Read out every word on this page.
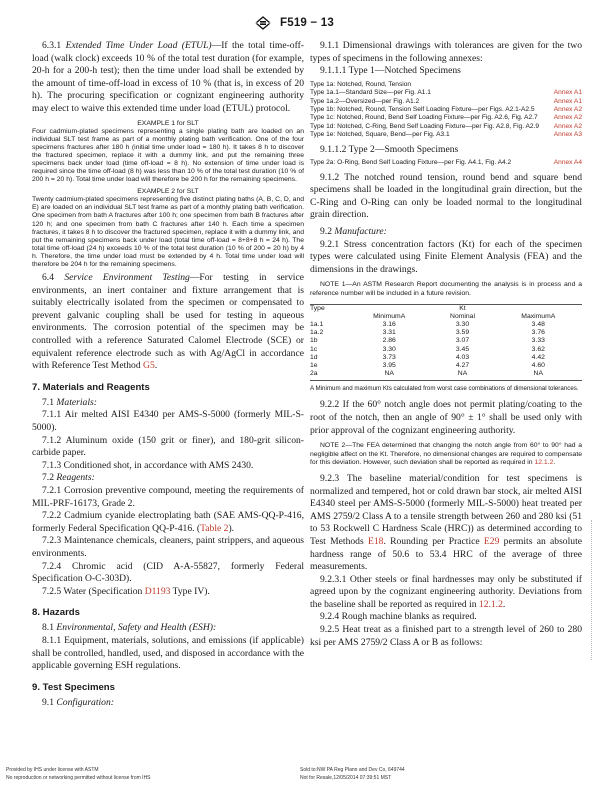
F519 − 13

6.3.1 Extended Time Under Load (ETUL)—If the total time-off-load (walk clock) exceeds 10 % of the total test duration (for example, 20-h for a 200-h test); then the time under load shall be extended by the amount of time-off-load in excess of 10 % (that is, in excess of 20 h). The procuring specification or cognizant engineering authority may elect to waive this extended time under load (ETUL) protocol.

EXAMPLE 1 for SLT

Four cadmium-plated specimens representing a single plating bath are loaded on an individual SLT test frame as part of a monthly plating bath verification. One of the four specimens fractures after 180 h (initial time under load = 180 h). It takes 8 h to discover the fractured specimen, replace it with a dummy link, and put the remaining three specimens back under load (time off-load = 8 h). No extension of time under load is required since the time off-load (8 h) was less than 10 % of the total test duration (10 % of 200 h = 20 h). Total time under load will therefore be 200 h for the remaining specimens.

EXAMPLE 2 for SLT

Twenty cadmium-plated specimens representing five distinct plating baths (A, B, C, D, and E) are loaded on an individual SLT test frame as part of a monthly plating bath verification. One specimen from bath A fractures after 100 h; one specimen from bath B fractures after 120 h; and one specimen from bath C fractures after 140 h. Each time a specimen fractures, it takes 8 h to discover the fractured specimen, replace it with a dummy link, and put the remaining specimens back under load (total time off-load = 8+8+8 h = 24 h). The total time off-load (24 h) exceeds 10 % of the total test duration (10 % of 200 = 20 h) by 4 h. Therefore, the time under load must be extended by 4 h. Total time under load will therefore be 204 h for the remaining specimens.

6.4 Service Environment Testing—For testing in service environments, an inert container and fixture arrangement that is suitably electrically isolated from the specimen or compensated to prevent galvanic coupling shall be used for testing in aqueous environments. The corrosion potential of the specimen may be controlled with a reference Saturated Calomel Electrode (SCE) or equivalent reference electrode such as with Ag/AgCl in accordance with Reference Test Method G5.

7. Materials and Reagents

7.1 Materials:

7.1.1 Air melted AISI E4340 per AMS-S-5000 (formerly MIL-S-5000).

7.1.2 Aluminum oxide (150 grit or finer), and 180-grit silicon-carbide paper.

7.1.3 Conditioned shot, in accordance with AMS 2430.

7.2 Reagents:

7.2.1 Corrosion preventive compound, meeting the requirements of MIL-PRF-16173, Grade 2.

7.2.2 Cadmium cyanide electroplating bath (SAE AMS-QQ-P-416, formerly Federal Specification QQ-P-416. (Table 2).

7.2.3 Maintenance chemicals, cleaners, paint strippers, and aqueous environments.

7.2.4 Chromic acid (CID A-A-55827, formerly Federal Specification O-C-303D).

7.2.5 Water (Specification D1193 Type IV).

8. Hazards

8.1 Environmental, Safety and Health (ESH):

8.1.1 Equipment, materials, solutions, and emissions (if applicable) shall be controlled, handled, used, and disposed in accordance with the applicable governing ESH regulations.

9. Test Specimens

9.1 Configuration:

9.1.1 Dimensional drawings with tolerances are given for the two types of specimens in the following annexes:

9.1.1.1 Type 1—Notched Specimens

Type 1a: Notched, Round, Tension
Type 1a.1—Standard Size—per Fig. A1.1	Annex A1
Type 1a.2—Oversized—per Fig. A1.2	Annex A1
Type 1b: Notched, Round, Tension Self Loading Fixture—per Figs. A2.1-A2.5	Annex A2
Type 1c: Notched, Round, Bend Self Loading Fixture—per Fig. A2.6, Fig. A2.7 Annex A2
Type 1d: Notched, C-Ring, Bend Self Loading Fixture—per Fig. A2.8, Fig. A2.9 Annex A2
Type 1e: Notched, Square, Bend—per Fig. A3.1	Annex A3

9.1.1.2 Type 2—Smooth Specimens

Type 2a: O-Ring, Bend Self Loading Fixture—per Fig. A4.1, Fig. A4.2	Annex A4

9.1.2 The notched round tension, round bend and square bend specimens shall be loaded in the longitudinal grain direction, but the C-Ring and O-Ring can only be loaded normal to the longitudinal grain direction.

9.2 Manufacture:

9.2.1 Stress concentration factors (Kt) for each of the specimen types were calculated using Finite Element Analysis (FEA) and the dimensions in the drawings.

NOTE 1—An ASTM Research Report documenting the analysis is in process and a reference number will be included in a future revision.

Type		Kt	
	MinimumA	Nominal	MaximumA
1a.1	3.16	3.30	3.48
1a.2	3.31	3.59	3.76
1b	2.86	3.07	3.33
1c	3.30	3.45	3.62
1d	3.73	4.03	4.42
1e	3.95	4.27	4.60
2a	NA	NA	NA

A Minimum and maximum Kts calculated from worst case combinations of dimensional tolerances.

9.2.2 If the 60° notch angle does not permit plating/coating to the root of the notch, then an angle of 90° ± 1° shall be used only with prior approval of the cognizant engineering authority.

NOTE 2—The FEA determined that changing the notch angle from 60° to 90° had a negligible affect on the Kt. Therefore, no dimensional changes are required to compensate for this deviation. However, such deviation shall be reported as required in 12.1.2.

9.2.3 The baseline material/condition for test specimens is normalized and tempered, hot or cold drawn bar stock, air melted AISI E4340 steel per AMS-S-5000 (formerly MIL-S-5000) heat treated per AMS 2759/2 Class A to a tensile strength between 260 and 280 ksi (51 to 53 Rockwell C Hardness Scale (HRC)) as determined according to Test Methods E18. Rounding per Practice E29 permits an absolute hardness range of 50.6 to 53.4 HRC of the average of three measurements.

9.2.3.1 Other steels or final hardnesses may only be substituted if agreed upon by the cognizant engineering authority. Deviations from the baseline shall be reported as required in 12.1.2.

9.2.4 Rough machine blanks as required.

9.2.5 Heat treat as a finished part to a strength level of 260 to 280 ksi per AMS 2759/2 Class A or B as follows:

Provided by IHS under license with ASTM
No reproduction or networking permitted without license from IHS
Sold to:NW PA Reg Plann and Dev Co, 649744
Not for Resale,12/05/2014 07:39:51 MST
